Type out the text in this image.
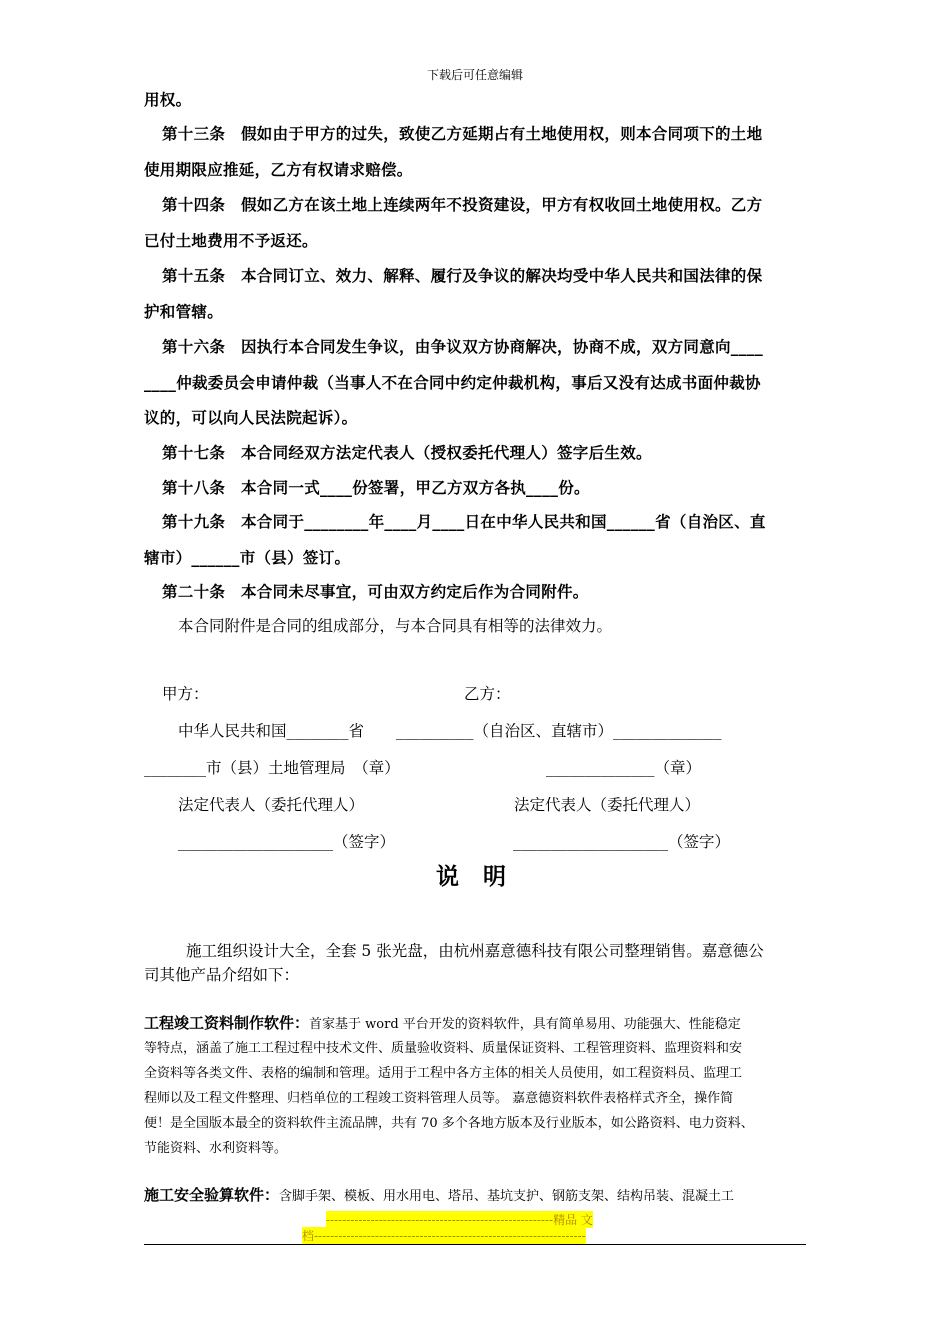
下载后可任意编辑
用权。
第十三条　假如由于甲方的过失，致使乙方延期占有土地使用权，则本合同项下的土地
使用期限应推延，乙方有权请求赔偿。
第十四条　假如乙方在该土地上连续两年不投资建设，甲方有权收回土地使用权。乙方
已付土地费用不予返还。
第十五条　本合同订立、效力、解释、履行及争议的解决均受中华人民共和国法律的保
护和管辖。
第十六条　因执行本合同发生争议，由争议双方协商解决，协商不成，双方同意向____
____仲裁委员会申请仲裁（当事人不在合同中约定仲裁机构，事后又没有达成书面仲裁协
议的，可以向人民法院起诉）。
第十七条　本合同经双方法定代表人（授权委托代理人）签字后生效。
第十八条　本合同一式____份签署，甲乙方双方各执____份。
第十九条　本合同于________年____月____日在中华人民共和国______省（自治区、直
辖市）______市（县）签订。
第二十条　本合同未尽事宜，可由双方约定后作为合同附件。
本合同附件是合同的组成部分，与本合同具有相等的法律效力。
甲方：	乙方：
中华人民共和国________省 __________（自治区、直辖市）______________
________市（县）土地管理局　（章）	______________（章）
法定代表人（委托代理人）	法定代表人（委托代理人）
____________________（签字）	____________________（签字）
说 明
施工组织设计大全，全套 5 张光盘，由杭州嘉意德科技有限公司整理销售。嘉意德公
司其他产品介绍如下：
工程竣工资料制作软件：首家基于 word 平台开发的资料软件，具有简单易用、功能强大、性能稳定
等特点，涵盖了施工工程过程中技术文件、质量验收资料、质量保证资料、工程管理资料、监理资料和安
全资料等各类文件、表格的编制和管理。适用于工程中各方主体的相关人员使用，如工程资料员、监理工
程师以及工程文件整理、归档单位的工程竣工资料管理人员等。 嘉意德资料软件表格样式齐全，操作简
便！是全国版本最全的资料软件主流品牌，共有 70 多个各地方版本及行业版本，如公路资料、电力资料、
节能资料、水利资料等。
施工安全验算软件：含脚手架、模板、用水用电、塔吊、基坑支护、钢筋支架、结构吊装、混凝土工
--------------------------------------------------------精品 文
档-------------------------------------------------------------------
